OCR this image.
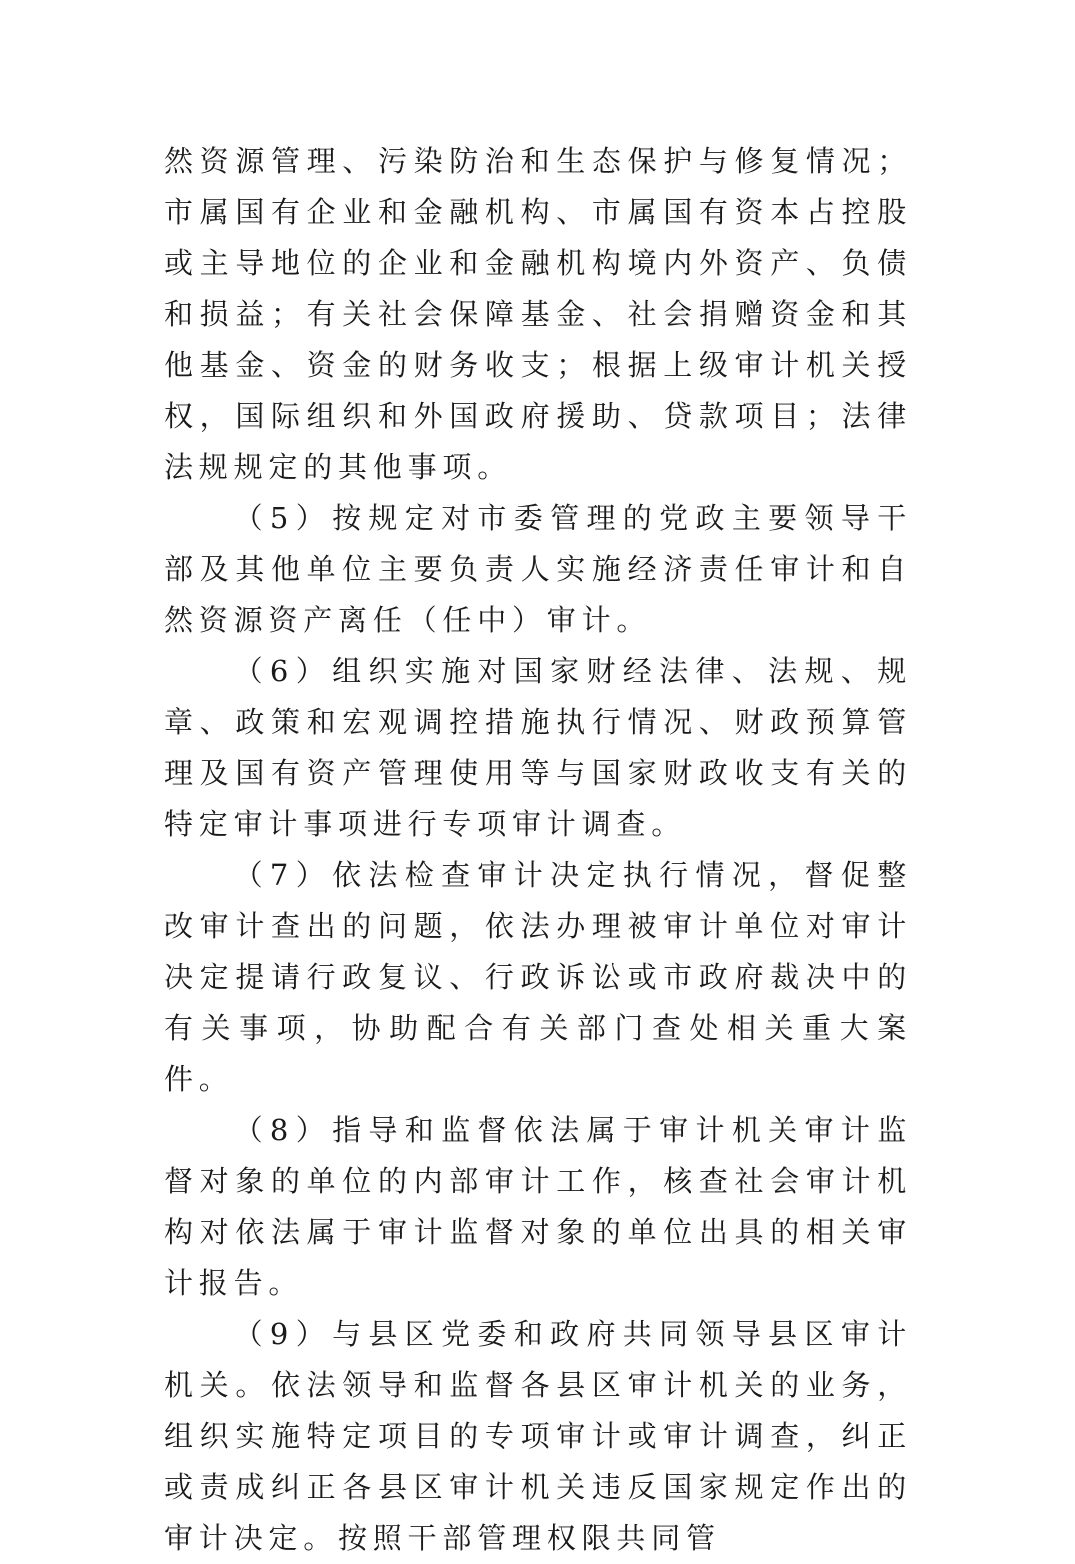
然资源管理、污染防治和生态保护与修复情况；市属国有企业和金融机构、市属国有资本占控股或主导地位的企业和金融机构境内外资产、负债和损益；有关社会保障基金、社会捐赠资金和其他基金、资金的财务收支；根据上级审计机关授权，国际组织和外国政府援助、贷款项目；法律法规规定的其他事项。

（5）按规定对市委管理的党政主要领导干部及其他单位主要负责人实施经济责任审计和自然资源资产离任（任中）审计。

（6）组织实施对国家财经法律、法规、规章、政策和宏观调控措施执行情况、财政预算管理及国有资产管理使用等与国家财政收支有关的特定审计事项进行专项审计调查。

（7）依法检查审计决定执行情况，督促整改审计查出的问题，依法办理被审计单位对审计决定提请行政复议、行政诉讼或市政府裁决中的有关事项，协助配合有关部门查处相关重大案件。

（8）指导和监督依法属于审计机关审计监督对象的单位的内部审计工作，核查社会审计机构对依法属于审计监督对象的单位出具的相关审计报告。

（9）与县区党委和政府共同领导县区审计机关。依法领导和监督各县区审计机关的业务，组织实施特定项目的专项审计或审计调查，纠正或责成纠正各县区审计机关违反国家规定作出的审计决定。按照干部管理权限共同管
